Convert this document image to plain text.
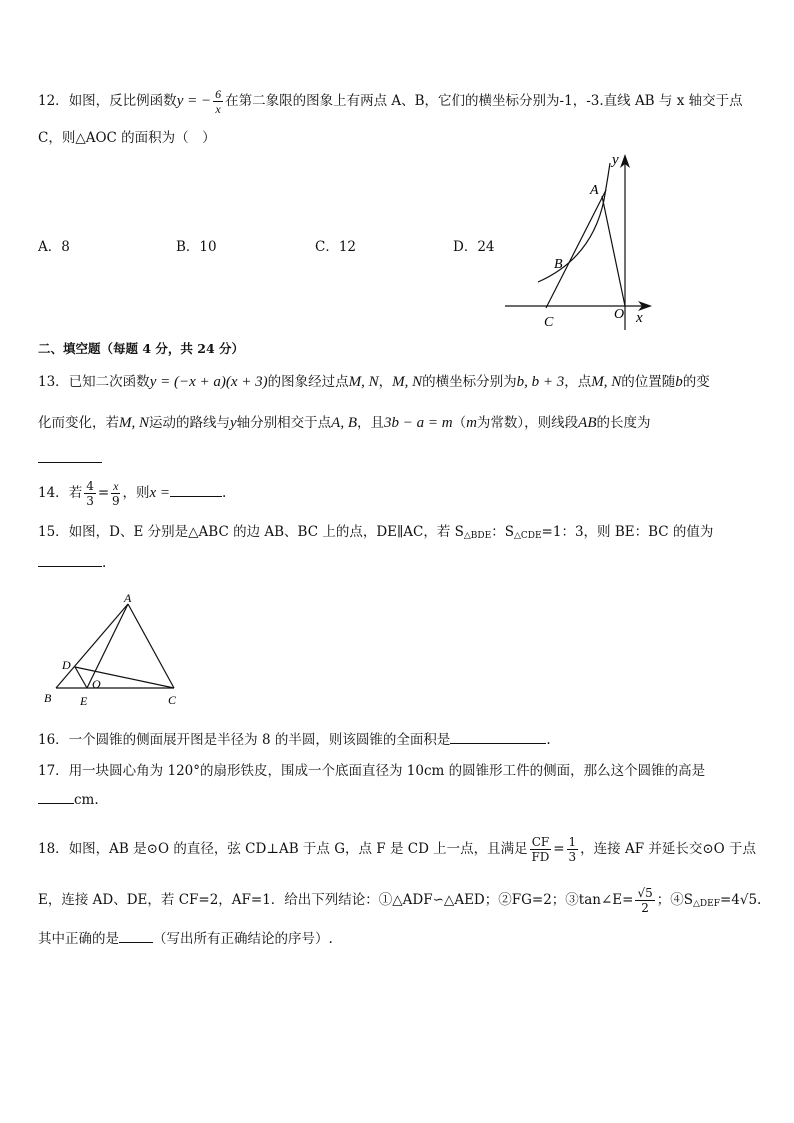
12．如图，反比例函数y = − $\frac{6}{x}$ 在第二象限的图象上有两点 A、B，它们的横坐标分别为-1，-3.直线 AB 与 x 轴交于点
C，则△AOC 的面积为（　）
A．8	B．10	C．12	D．24
A
B
C
O x
y
二、填空题（每题 4 分，共 24 分）
13．已知二次函数y = (−x + a)(x + 3)的图象经过点M, N，M, N的横坐标分别为b, b + 3，点M, N的位置随b的变
化而变化，若M, N运动的路线与y轴分别相交于点A, B，且3b − a = m（m为常数），则线段AB的长度为
14．若 $\frac{4}{3} = \frac{x}{9}$ ，则x =	.
15．如图，D、E 分别是△ABC 的边 AB、BC 上的点，DE∥AC，若 $S_{\triangle BDE}$：$S_{\triangle CDE}=1$：3，则 BE：BC 的值为
.
A
B	C
D
E
O
16．一个圆锥的侧面展开图是半径为 8 的半圆，则该圆锥的全面积是	.
17．用一块圆心角为 120°的扇形铁皮，围成一个底面直径为 10cm 的圆锥形工件的侧面，那么这个圆锥的高是
cm.
18．如图，AB 是⊙O 的直径，弦 CD⊥AB 于点 G，点 F 是 CD 上一点，且满足 $\frac{CF}{FD} = \frac{1}{3}$ ，连接 AF 并延长交⊙O 于点
E，连接 AD、DE，若 CF=2，AF=1．给出下列结论：①△ADF∽△AED；②FG=2；③tan∠E= $\frac{√5}{2}$ ；$④S_{\triangle DEF}=4√5$.
其中正确的是	（写出所有正确结论的序号）.
